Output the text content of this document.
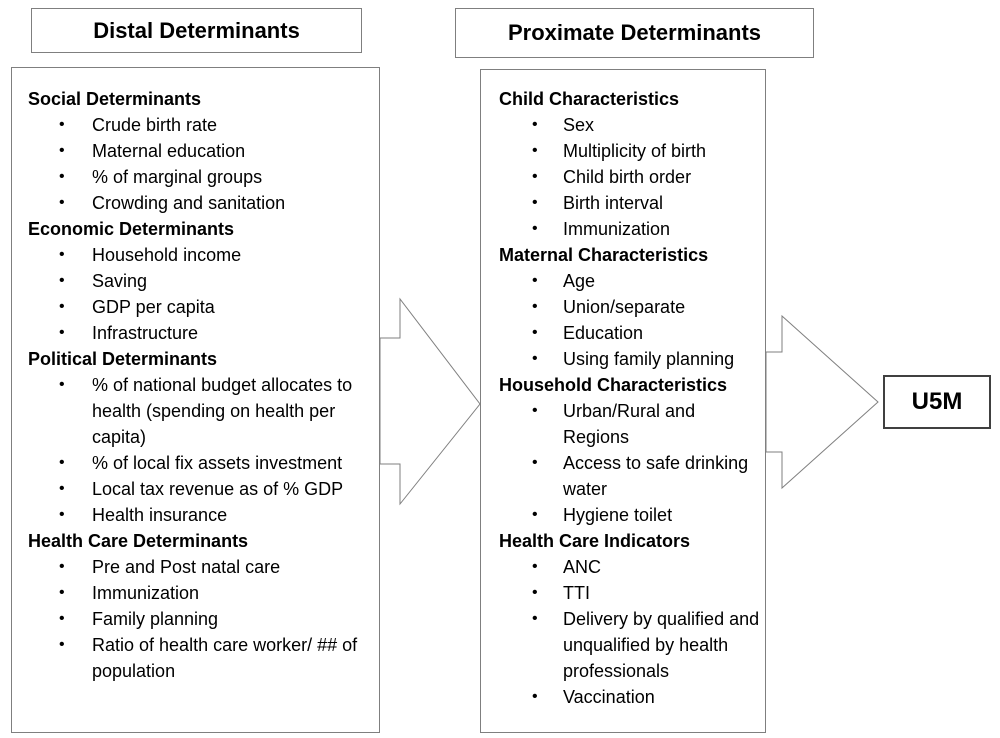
Distal Determinants	Proximate Determinants
U5M
Social Determinants
• Crude birth rate
• Maternal education
• % of marginal groups
• Crowding and sanitation
Economic Determinants
• Household income
• Saving
• GDP per capita
• Infrastructure
Political Determinants
• % of national budget allocates to health (spending on health per capita)
• % of local fix assets investment
• Local tax revenue as of % GDP
• Health insurance
Health Care Determinants
• Pre and Post natal care
• Immunization
• Family planning
• Ratio of health care worker/ ## of population
Child Characteristics
• Sex
• Multiplicity of birth
• Child birth order
• Birth interval
• Immunization
Maternal Characteristics
• Age
• Union/separate
• Education
• Using family planning
Household Characteristics
• Urban/Rural and Regions
• Access to safe drinking water
• Hygiene toilet
Health Care Indicators
• ANC
• TTI
• Delivery by qualified and unqualified by health professionals
• Vaccination
